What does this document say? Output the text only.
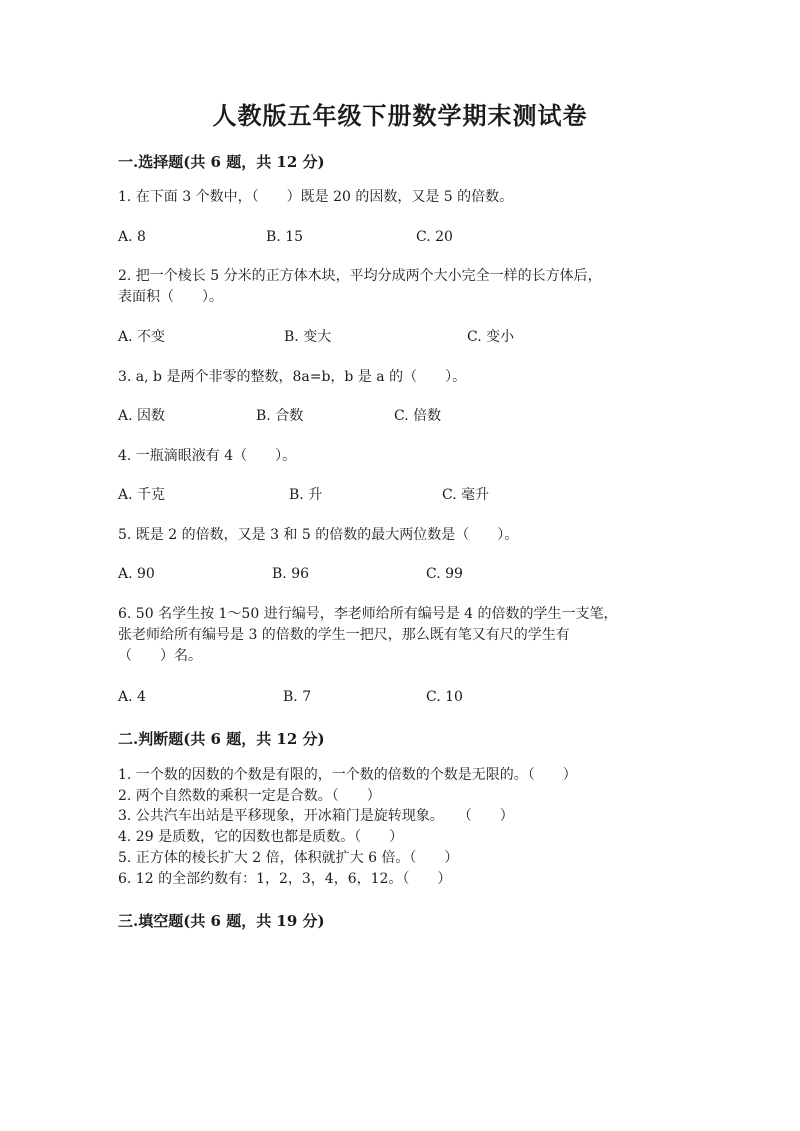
人教版五年级下册数学期末测试卷
一.选择题(共 6 题，共 12 分)
1. 在下面 3 个数中，（　　）既是 20 的因数，又是 5 的倍数。
A. 8	B. 15	C. 20
2. 把一个棱长 5 分米的正方体木块，平均分成两个大小完全一样的长方体后，
表面积（　　）。
A. 不变	B. 变大	C. 变小
3. a, b 是两个非零的整数，8a=b，b 是 a 的（　　）。
A. 因数	B. 合数	C. 倍数
4. 一瓶滴眼液有 4（　　）。
A. 千克	B. 升	C. 毫升
5. 既是 2 的倍数，又是 3 和 5 的倍数的最大两位数是（　　）。
A. 90	B. 96	C. 99
6. 50 名学生按 1～50 进行编号，李老师给所有编号是 4 的倍数的学生一支笔，
张老师给所有编号是 3 的倍数的学生一把尺，那么既有笔又有尺的学生有
（　　）名。
A. 4	B. 7	C. 10
二.判断题(共 6 题，共 12 分)
1. 一个数的因数的个数是有限的，一个数的倍数的个数是无限的。（　　）
2. 两个自然数的乘积一定是合数。（　　）
3. 公共汽车出站是平移现象，开冰箱门是旋转现象。　　（　　）
4. 29 是质数，它的因数也都是质数。（　　）
5. 正方体的棱长扩大 2 倍，体积就扩大 6 倍。（　　）
6. 12 的全部约数有：1，2，3，4，6，12。（　　）
三.填空题(共 6 题，共 19 分)
